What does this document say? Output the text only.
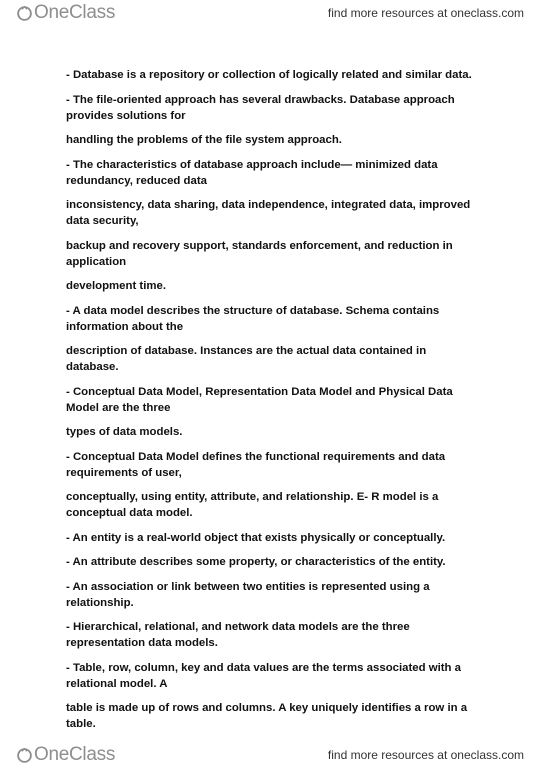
OneClass	find more resources at oneclass.com

- Database is a repository or collection of logically related and similar data.

- The file-oriented approach has several drawbacks. Database approach provides solutions for

handling the problems of the file system approach.

- The characteristics of database approach include— minimized data redundancy, reduced data

inconsistency, data sharing, data independence, integrated data, improved data security,

backup and recovery support, standards enforcement, and reduction in application

development time.

- A data model describes the structure of database. Schema contains information about the

description of database. Instances are the actual data contained in database.

- Conceptual Data Model, Representation Data Model and Physical Data Model are the three

types of data models.

- Conceptual Data Model defines the functional requirements and data requirements of user,

conceptually, using entity, attribute, and relationship. E- R model is a conceptual data model.

- An entity is a real-world object that exists physically or conceptually.

- An attribute describes some property, or characteristics of the entity.

- An association or link between two entities is represented using a relationship.

- Hierarchical, relational, and network data models are the three representation data models.

- Table, row, column, key and data values are the terms associated with a relational model. A

table is made up of rows and columns. A key uniquely identifies a row in a table.

OneClass	find more resources at oneclass.com
